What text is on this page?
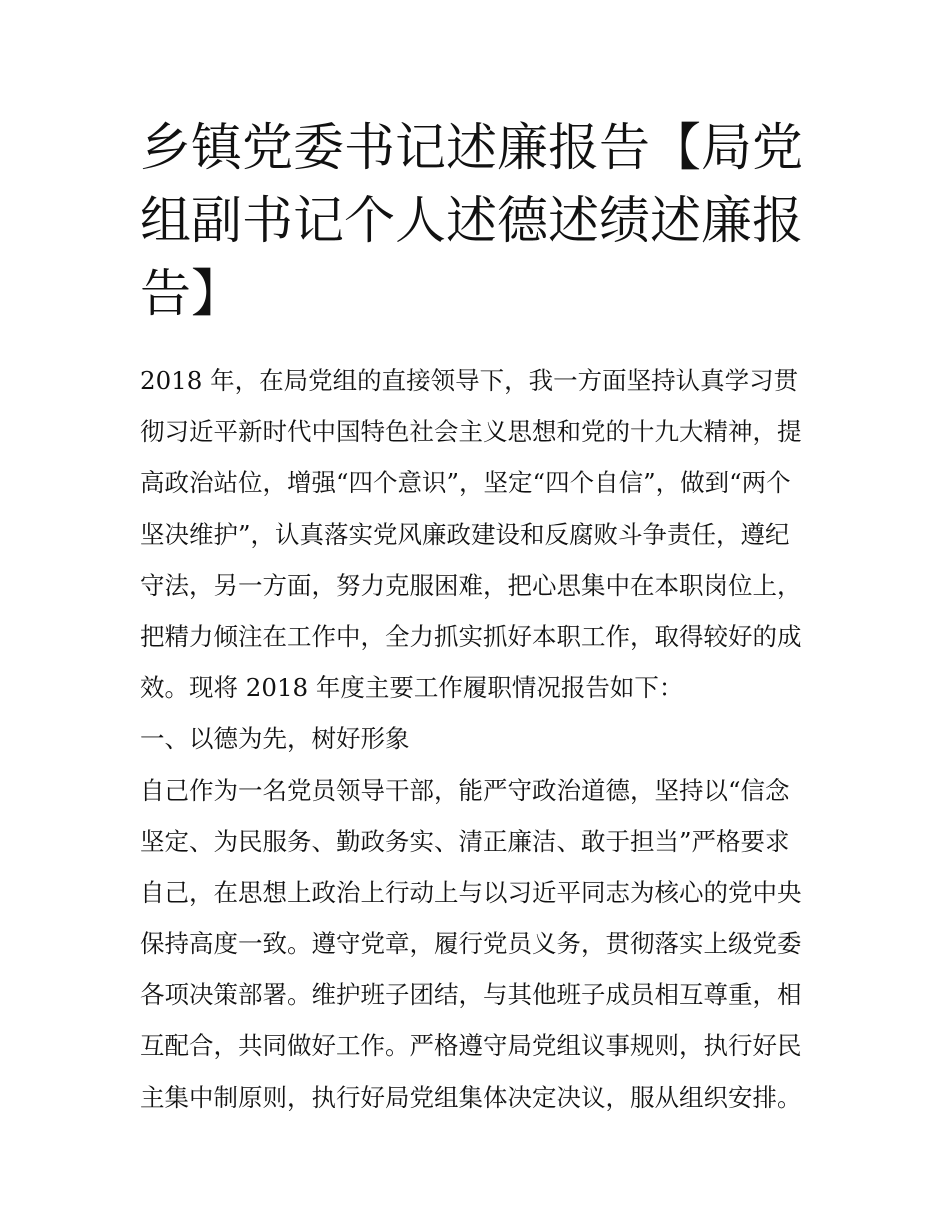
乡镇党委书记述廉报告【局党
组副书记个人述德述绩述廉报
告】
2018 年，在局党组的直接领导下，我一方面坚持认真学习贯
彻习近平新时代中国特色社会主义思想和党的十九大精神，提
高政治站位，增强“四个意识”，坚定“四个自信”，做到“两个
坚决维护”，认真落实党风廉政建设和反腐败斗争责任，遵纪
守法，另一方面，努力克服困难，把心思集中在本职岗位上，
把精力倾注在工作中，全力抓实抓好本职工作，取得较好的成
效。现将 2018 年度主要工作履职情况报告如下：
一、以德为先，树好形象
自己作为一名党员领导干部，能严守政治道德，坚持以“信念
坚定、为民服务、勤政务实、清正廉洁、敢于担当”严格要求
自己，在思想上政治上行动上与以习近平同志为核心的党中央
保持高度一致。遵守党章，履行党员义务，贯彻落实上级党委
各项决策部署。维护班子团结，与其他班子成员相互尊重，相
互配合，共同做好工作。严格遵守局党组议事规则，执行好民
主集中制原则，执行好局党组集体决定决议，服从组织安排。
